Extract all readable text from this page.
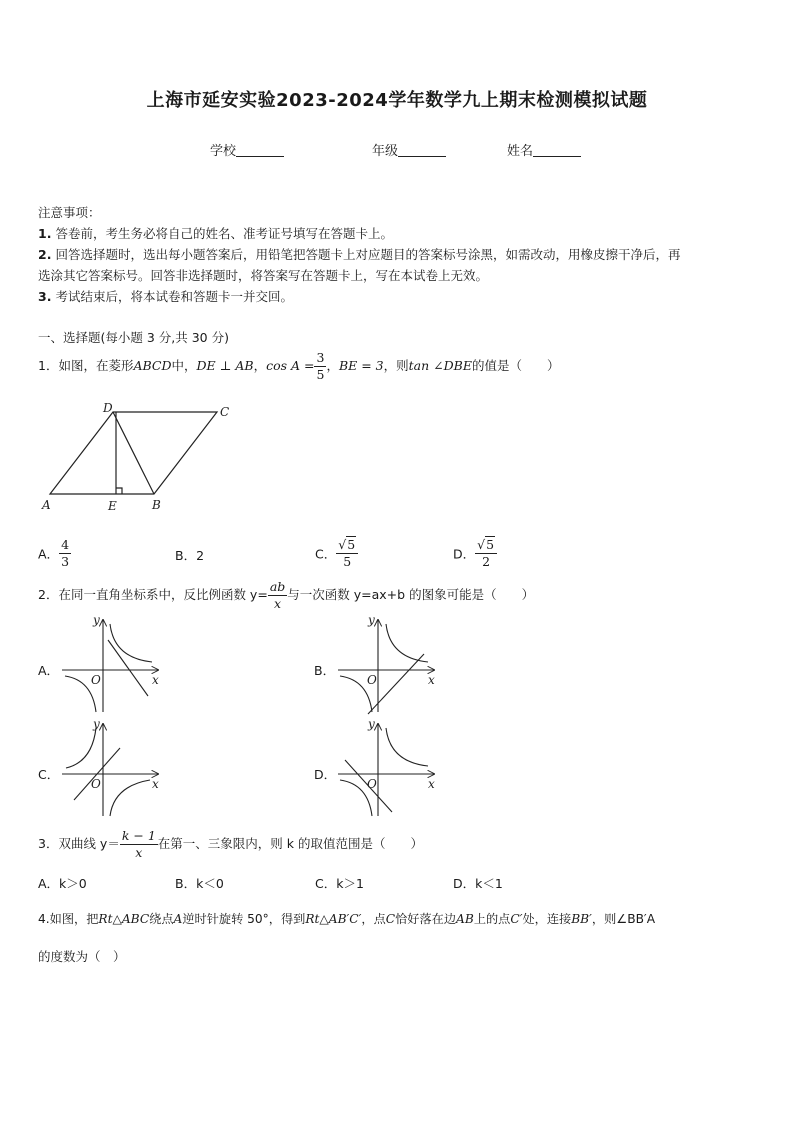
上海市延安实验2023-2024学年数学九上期末检测模拟试题
学校	年级	姓名
注意事项：
1. 答卷前，考生务必将自己的姓名、准考证号填写在答题卡上。
2. 回答选择题时，选出每小题答案后，用铅笔把答题卡上对应题目的答案标号涂黑，如需改动，用橡皮擦干净后，再
选涂其它答案标号。回答非选择题时，将答案写在答题卡上，写在本试卷上无效。
3. 考试结束后，将本试卷和答题卡一并交回。
一、选择题(每小题 3 分,共 30 分)
1．如图，在菱形ABCD中，DE ⊥ AB，$\cos A = \frac{3}{5}$ ，BE = 3，则tan ∠DBE的值是（　　）
D	C
A	E	B
A． $\frac{4}{3}$	B．2	C． $\frac{√5}{5}$	D． $\frac{√5}{2}$
2．在同一直角坐标系中，反比例函数 $y= \frac{ab}{x}$ 与一次函数 y=ax+b 的图象可能是（　　）
A．	B．
C．	D．
x
y
O	x
y
O
x
y
O	x
y
O
3．双曲线 $y= \frac{k - 1}{x}$ 在第一、三象限内，则 k 的取值范围是（　　）
A．k＞0	B．k＜0	C．k＞1	D．k＜1
4.如图，把Rt△ABC绕点A逆时针旋转 50°，得到Rt△AB′C′，点C恰好落在边AB上的点C′处，连接BB′，则∠BB′A
的度数为（　）
